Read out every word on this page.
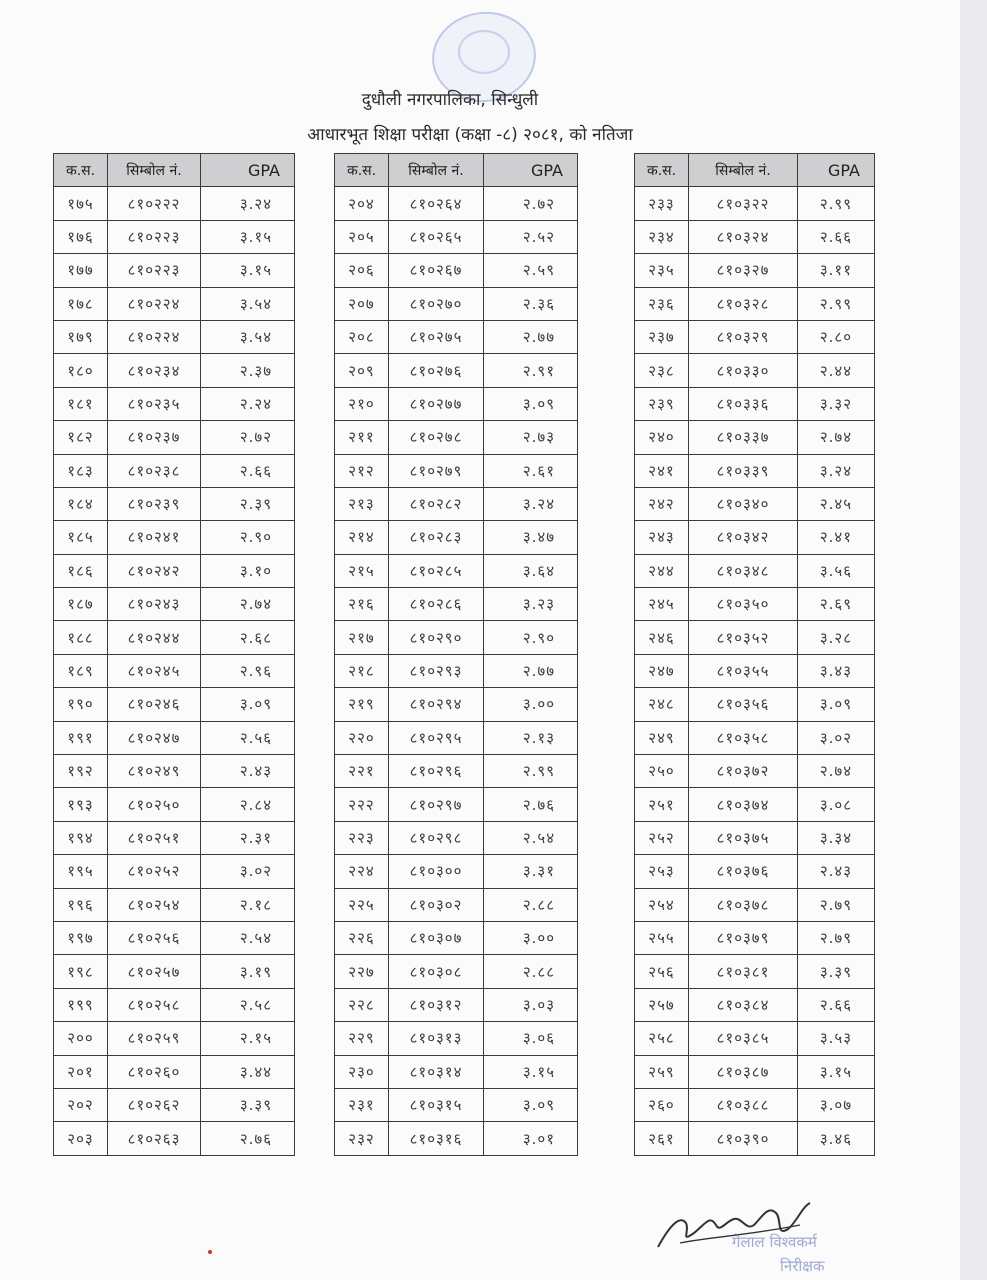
दुधौली नगरपालिका, सिन्धुली
आधारभूत शिक्षा परीक्षा (कक्षा -८) २०८१, को नतिजा
क.स.	सिम्बोल नं.	GPA
१७५	८१०२२२	३.२४
१७६	८१०२२३	३.१५
१७७	८१०२२३	३.१५
१७८	८१०२२४	३.५४
१७९	८१०२२४	३.५४
१८०	८१०२३४	२.३७
१८१	८१०२३५	२.२४
१८२	८१०२३७	२.७२
१८३	८१०२३८	२.६६
१८४	८१०२३९	२.३९
१८५	८१०२४१	२.९०
१८६	८१०२४२	३.१०
१८७	८१०२४३	२.७४
१८८	८१०२४४	२.६८
१८९	८१०२४५	२.९६
१९०	८१०२४६	३.०९
१९१	८१०२४७	२.५६
१९२	८१०२४९	२.४३
१९३	८१०२५०	२.८४
१९४	८१०२५१	२.३१
१९५	८१०२५२	३.०२
१९६	८१०२५४	२.१८
१९७	८१०२५६	२.५४
१९८	८१०२५७	३.१९
१९९	८१०२५८	२.५८
२००	८१०२५९	२.१५
२०१	८१०२६०	३.४४
२०२	८१०२६२	३.३९
२०३	८१०२६३	२.७६
क.स.	सिम्बोल नं.	GPA
२०४	८१०२६४	२.७२
२०५	८१०२६५	२.५२
२०६	८१०२६७	२.५९
२०७	८१०२७०	२.३६
२०८	८१०२७५	२.७७
२०९	८१०२७६	२.९१
२१०	८१०२७७	३.०९
२११	८१०२७८	२.७३
२१२	८१०२७९	२.६१
२१३	८१०२८२	३.२४
२१४	८१०२८३	३.४७
२१५	८१०२८५	३.६४
२१६	८१०२८६	३.२३
२१७	८१०२९०	२.९०
२१८	८१०२९३	२.७७
२१९	८१०२९४	३.००
२२०	८१०२९५	२.१३
२२१	८१०२९६	२.९९
२२२	८१०२९७	२.७६
२२३	८१०२९८	२.५४
२२४	८१०३००	३.३१
२२५	८१०३०२	२.८८
२२६	८१०३०७	३.००
२२७	८१०३०८	२.८८
२२८	८१०३१२	३.०३
२२९	८१०३१३	३.०६
२३०	८१०३१४	३.१५
२३१	८१०३१५	३.०९
२३२	८१०३१६	३.०१
क.स.	सिम्बोल नं.	GPA
२३३	८१०३२२	२.९९
२३४	८१०३२४	२.६६
२३५	८१०३२७	३.११
२३६	८१०३२८	२.९९
२३७	८१०३२९	२.८०
२३८	८१०३३०	२.४४
२३९	८१०३३६	३.३२
२४०	८१०३३७	२.७४
२४१	८१०३३९	३.२४
२४२	८१०३४०	२.४५
२४३	८१०३४२	२.४१
२४४	८१०३४८	३.५६
२४५	८१०३५०	२.६९
२४६	८१०३५२	३.२८
२४७	८१०३५५	३.४३
२४८	८१०३५६	३.०९
२४९	८१०३५८	३.०२
२५०	८१०३७२	२.७४
२५१	८१०३७४	३.०८
२५२	८१०३७५	३.३४
२५३	८१०३७६	२.४३
२५४	८१०३७८	२.७९
२५५	८१०३७९	२.७९
२५६	८१०३८१	३.३९
२५७	८१०३८४	२.६६
२५८	८१०३८५	३.५३
२५९	८१०३८७	३.१५
२६०	८१०३८८	३.०७
२६१	८१०३९०	३.४६
गेलाल विश्वकर्म
निरीक्षक
